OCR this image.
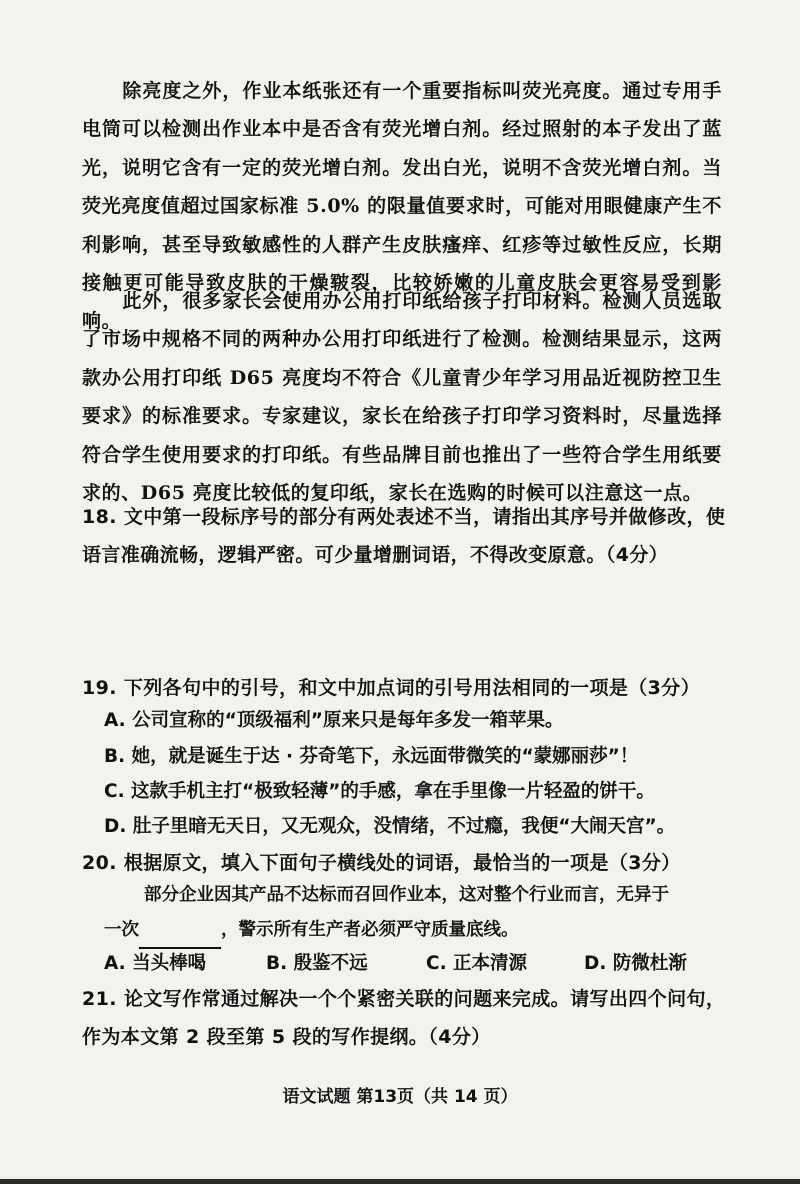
除亮度之外，作业本纸张还有一个重要指标叫荧光亮度。通过专用手电筒可以检测出作业本中是否含有荧光增白剂。经过照射的本子发出了蓝光，说明它含有一定的荧光增白剂。发出白光，说明不含荧光增白剂。当荧光亮度值超过国家标准 5.0% 的限量值要求时，可能对用眼健康产生不利影响，甚至导致敏感性的人群产生皮肤瘙痒、红疹等过敏性反应，长期接触更可能导致皮肤的干燥皲裂，比较娇嫩的儿童皮肤会更容易受到影响。
此外，很多家长会使用办公用打印纸给孩子打印材料。检测人员选取了市场中规格不同的两种办公用打印纸进行了检测。检测结果显示，这两款办公用打印纸 D65 亮度均不符合《儿童青少年学习用品近视防控卫生要求》的标准要求。专家建议，家长在给孩子打印学习资料时，尽量选择符合学生使用要求的打印纸。有些品牌目前也推出了一些符合学生用纸要求的、D65 亮度比较低的复印纸，家长在选购的时候可以注意这一点。
18. 文中第一段标序号的部分有两处表述不当，请指出其序号并做修改，使语言准确流畅，逻辑严密。可少量增删词语，不得改变原意。（4分）
19. 下列各句中的引号，和文中加点词的引号用法相同的一项是（3分）
A. 公司宣称的“顶级福利”原来只是每年多发一箱苹果。
B. 她，就是诞生于达 · 芬奇笔下，永远面带微笑的“蒙娜丽莎”！
C. 这款手机主打“极致轻薄”的手感，拿在手里像一片轻盈的饼干。
D. 肚子里暗无天日，又无观众，没情绪，不过瘾，我便“大闹天宫”。
20. 根据原文，填入下面句子横线处的词语，最恰当的一项是（3分）
部分企业因其产品不达标而召回作业本，这对整个行业而言，无异于
一次	，警示所有生产者必须严守质量底线。
A. 当头棒喝	B. 殷鉴不远	C. 正本清源	D. 防微杜渐
21. 论文写作常通过解决一个个紧密关联的问题来完成。请写出四个问句，作为本文第 2 段至第 5 段的写作提纲。（4分）
语文试题 第13页（共 14 页）
